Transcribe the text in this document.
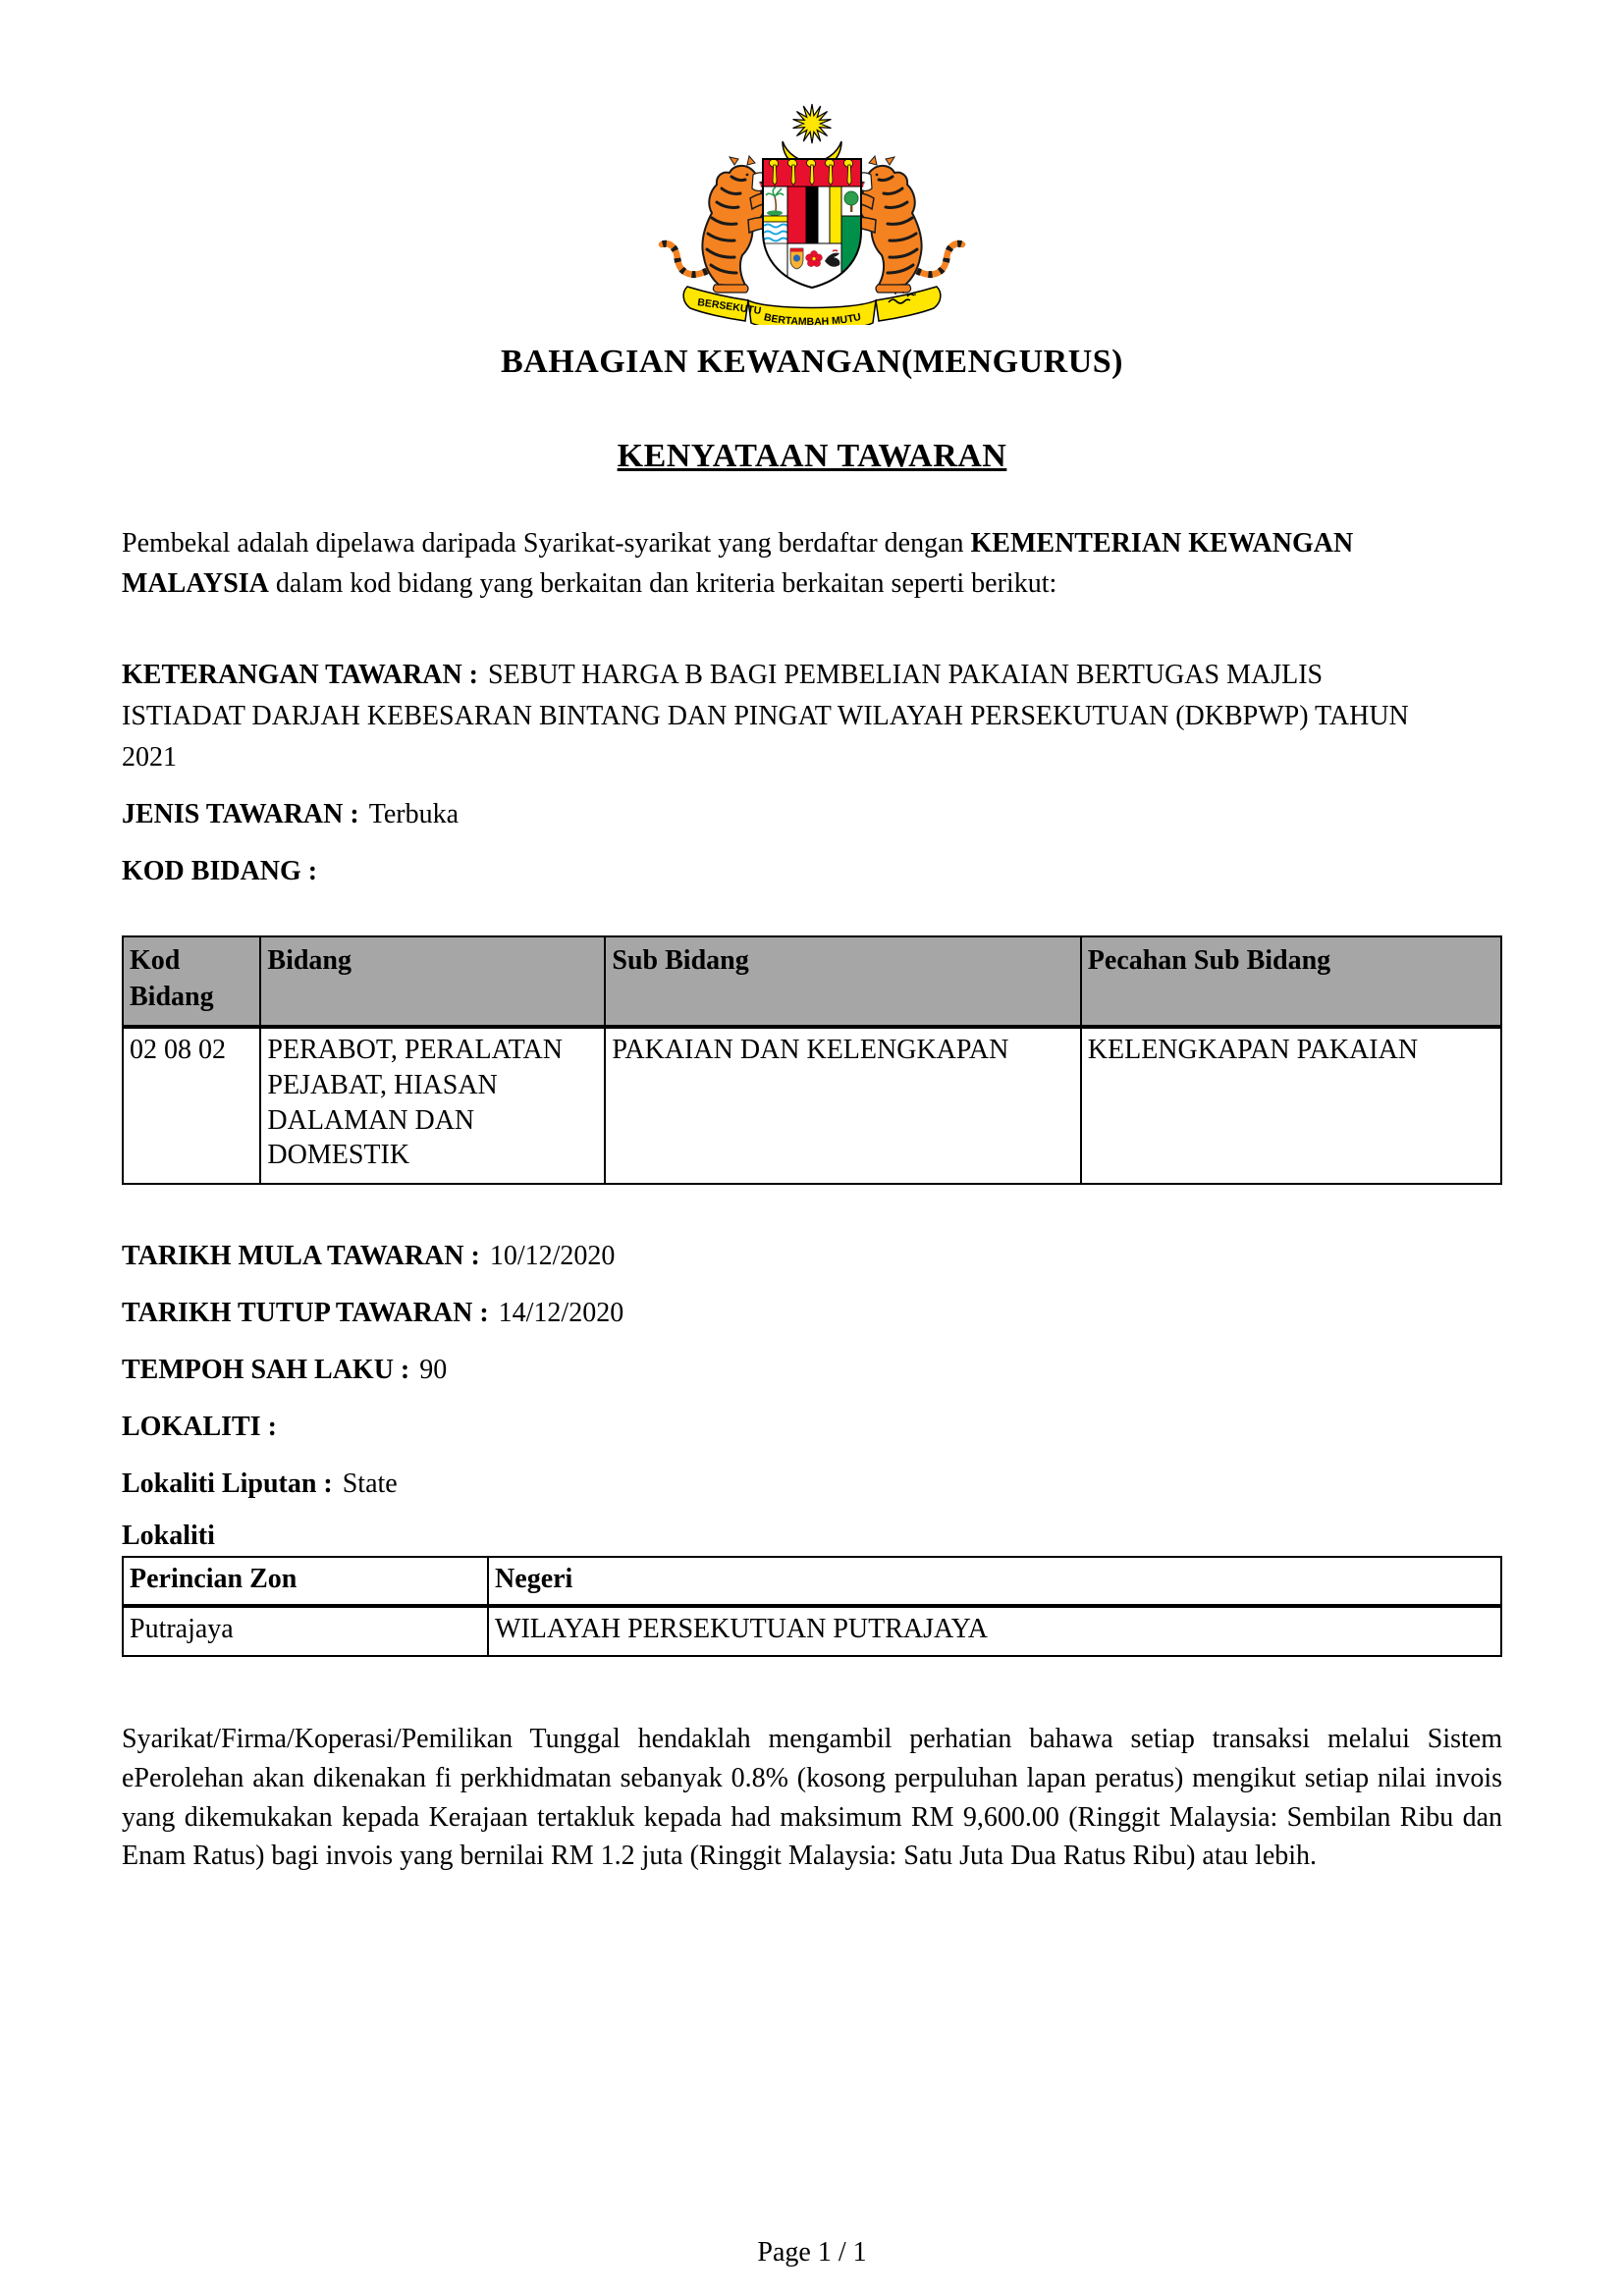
BERSEKUTU
BERTAMBAH MUTU
BAHAGIAN KEWANGAN(MENGURUS)
KENYATAAN TAWARAN

Pembekal adalah dipelawa daripada Syarikat-syarikat yang berdaftar dengan KEMENTERIAN KEWANGAN MALAYSIA dalam kod bidang yang berkaitan dan kriteria berkaitan seperti berikut:

KETERANGAN TAWARAN : SEBUT HARGA B BAGI PEMBELIAN PAKAIAN BERTUGAS MAJLIS ISTIADAT DARJAH KEBESARAN BINTANG DAN PINGAT WILAYAH PERSEKUTUAN (DKBPWP) TAHUN 2021

JENIS TAWARAN : Terbuka

KOD BIDANG :

Kod Bidang	Bidang	Sub Bidang	Pecahan Sub Bidang
02 08 02	PERABOT, PERALATAN PEJABAT, HIASAN DALAMAN DAN DOMESTIK	PAKAIAN DAN KELENGKAPAN	KELENGKAPAN PAKAIAN

TARIKH MULA TAWARAN : 10/12/2020

TARIKH TUTUP TAWARAN : 14/12/2020

TEMPOH SAH LAKU : 90

LOKALITI :

Lokaliti Liputan : State

Lokaliti

Perincian Zon	Negeri
Putrajaya	WILAYAH PERSEKUTUAN PUTRAJAYA

Syarikat/Firma/Koperasi/Pemilikan Tunggal hendaklah mengambil perhatian bahawa setiap transaksi melalui Sistem ePerolehan akan dikenakan fi perkhidmatan sebanyak 0.8% (kosong perpuluhan lapan peratus) mengikut setiap nilai invois yang dikemukakan kepada Kerajaan tertakluk kepada had maksimum RM 9,600.00 (Ringgit Malaysia: Sembilan Ribu dan Enam Ratus) bagi invois yang bernilai RM 1.2 juta (Ringgit Malaysia: Satu Juta Dua Ratus Ribu) atau lebih.

Page 1 / 1
